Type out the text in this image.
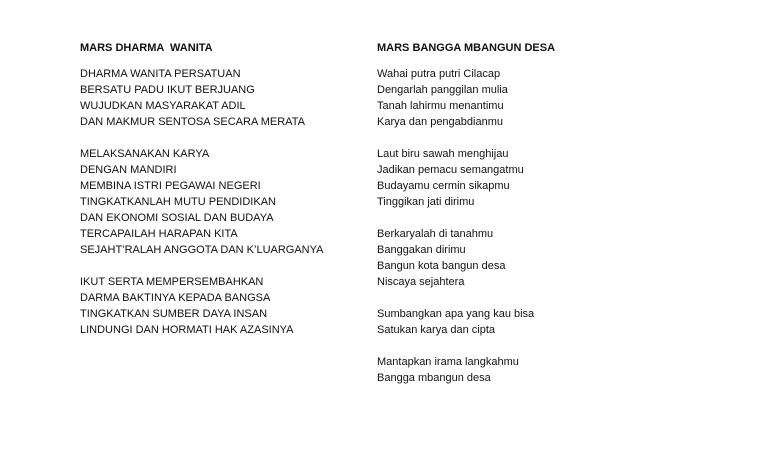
MARS DHARMA  WANITA
DHARMA WANITA PERSATUAN
BERSATU PADU IKUT BERJUANG
WUJUDKAN MASYARAKAT ADIL
DAN MAKMUR SENTOSA SECARA MERATA
MELAKSANAKAN KARYA
DENGAN MANDIRI
MEMBINA ISTRI PEGAWAI NEGERI
TINGKATKANLAH MUTU PENDIDIKAN
DAN EKONOMI SOSIAL DAN BUDAYA
TERCAPAILAH HARAPAN KITA
SEJAHT’RALAH ANGGOTA DAN K’LUARGANYA
IKUT SERTA MEMPERSEMBAHKAN
DARMA BAKTINYA KEPADA BANGSA
TINGKATKAN SUMBER DAYA INSAN
LINDUNGI DAN HORMATI HAK AZASINYA
MARS BANGGA MBANGUN DESA
Wahai putra putri Cilacap
Dengarlah panggilan mulia
Tanah lahirmu menantimu
Karya dan pengabdianmu
Laut biru sawah menghijau
Jadikan pemacu semangatmu
Budayamu cermin sikapmu
Tinggikan jati dirimu
Berkaryalah di tanahmu
Banggakan dirimu
Bangun kota bangun desa
Niscaya sejahtera
Sumbangkan apa yang kau bisa
Satukan karya dan cipta
Mantapkan irama langkahmu
Bangga mbangun desa
